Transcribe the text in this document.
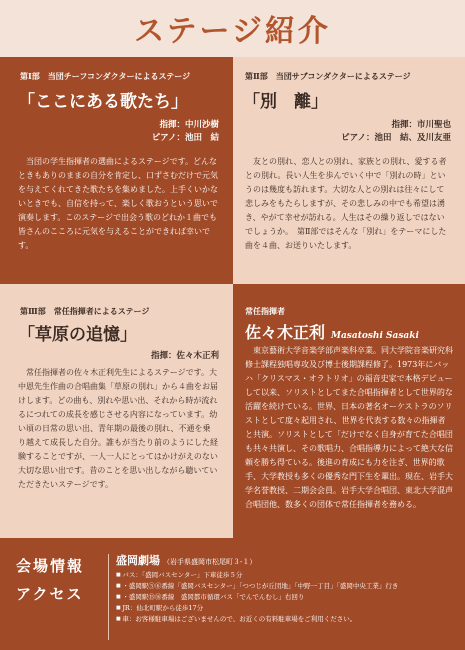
ステージ紹介
第Ⅰ部　当団チーフコンダクターによるステージ
「ここにある歌たち」
指揮：中川沙樹
ピアノ：池田　結
当団の学生指揮者の選曲によるステージです。どんなときもありのままの自分を肯定し、口ずさむだけで元気を与えてくれてきた歌たちを集めました。上手くいかないときでも、自信を持って、楽しく歌おうという思いで演奏します。このステージで出会う歌のどれか１曲でも皆さんのこころに元気を与えることができれば幸いです。
第Ⅱ部　当団サブコンダクターによるステージ
「別　離」
指揮：市川聖也
ピアノ：池田　結、及川友亜
友との別れ、恋人との別れ、家族との別れ、愛する者との別れ。長い人生を歩んでいく中で「別れの時」というのは幾度も訪れます。大切な人との別れは往々にして悲しみをもたらしますが、その悲しみの中でも希望は湧き、やがて幸せが訪れる。人生はその繰り返しではないでしょうか。　第Ⅱ部ではそんな「別れ」をテーマにした曲を４曲、お送りいたします。
第Ⅲ部　常任指揮者によるステージ
「草原の追憶」
指揮：佐々木正利
常任指揮者の佐々木正利先生によるステージです。大中恩先生作曲の合唱曲集「草原の別れ」から４曲をお届けします。どの曲も、別れや思い出、それから時が流れるにつれての成長を感じさせる内容になっています。幼い頃の日常の思い出、青年期の最後の別れ、不通を乗り越えて成長した自分。誰もが当たり前のようにした経験することですが、一人一人にとってはかけがえのない大切な思い出です。昔のことを思い出しながら聴いていただきたいステージです。
常任指揮者
佐々木正利 Masatoshi Sasaki
東京藝術大学音楽学部声楽科卒業。同大学院音楽研究科修士課程独唱専攻及び博士後期課程修了。1973年にバッハ「クリスマス・オラトリオ」の福音史家で本格デビューして以来、ソリストとしてまた合唱指揮者として世界的な活躍を続けている。世界、日本の著名オーケストラのソリストとして度々起用され、世界を代表する数々の指揮者と共演。ソリストとして「だけでなく自身が育てた合唱団も共々共演し、その歌唱力、合唱指導力によって絶大な信頼を勝ち得ている。後進の育成にも力を注ぎ、世界的歌手、大学教授も多くの優秀な門下生を輩出。現在、岩手大学名誉教授、二期会会員。岩手大学合唱団、東北大学混声合唱団他、数多くの団体で常任指揮者を務める。
会場情報
アクセス
盛岡劇場 （岩手県盛岡市松尾町３-１）
■ バス：「盛岡バスセンター」下車徒歩５分
■ ・盛岡駅⑤⑥番線「盛岡バスセンター」「つつじが丘団地」「中野一丁目」「盛岡中央工業」行き
■ ・盛岡駅⑮⑯番線　盛岡都市循環バス「でんでんむし」右回り
■ JR：仙北町駅から徒歩17分
■ 車：お客様駐車場はございませんので、お近くの有料駐車場をご利用ください。
